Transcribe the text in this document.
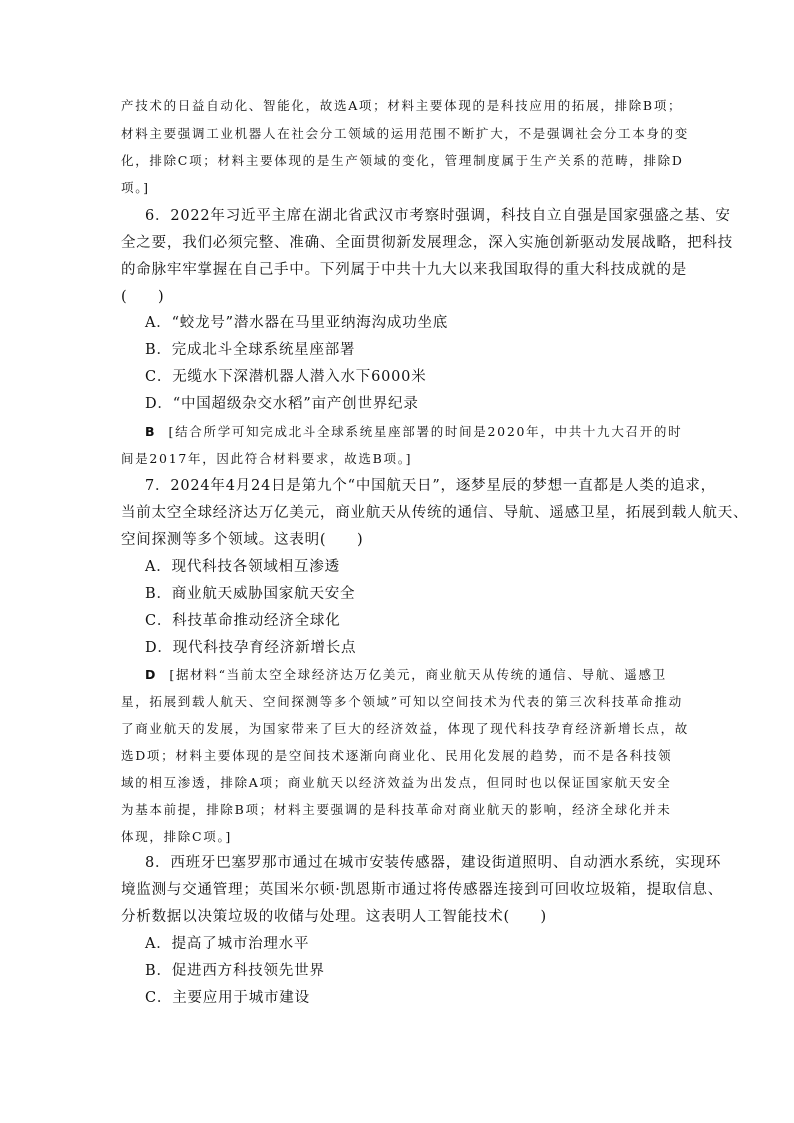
产技术的日益自动化、智能化，故选A项；材料主要体现的是科技应用的拓展，排除B项；

材料主要强调工业机器人在社会分工领域的运用范围不断扩大，不是强调社会分工本身的变

化，排除C项；材料主要体现的是生产领域的变化，管理制度属于生产关系的范畴，排除D

项。]

6．2022年习近平主席在湖北省武汉市考察时强调，科技自立自强是国家强盛之基、安

全之要，我们必须完整、准确、全面贯彻新发展理念，深入实施创新驱动发展战略，把科技

的命脉牢牢掌握在自己手中。下列属于中共十九大以来我国取得的重大科技成就的是

(　　)

A．“蛟龙号”潜水器在马里亚纳海沟成功坐底

B．完成北斗全球系统星座部署

C．无缆水下深潜机器人潜入水下6000米

D．“中国超级杂交水稻”亩产创世界纪录

B [结合所学可知完成北斗全球系统星座部署的时间是2020年，中共十九大召开的时

间是2017年，因此符合材料要求，故选B项。]

7．2024年4月24日是第九个“中国航天日”，逐梦星辰的梦想一直都是人类的追求，

当前太空全球经济达万亿美元，商业航天从传统的通信、导航、遥感卫星，拓展到载人航天、

空间探测等多个领域。这表明(　　)

A．现代科技各领域相互渗透

B．商业航天威胁国家航天安全

C．科技革命推动经济全球化

D．现代科技孕育经济新增长点

D [据材料“当前太空全球经济达万亿美元，商业航天从传统的通信、导航、遥感卫

星，拓展到载人航天、空间探测等多个领域”可知以空间技术为代表的第三次科技革命推动

了商业航天的发展，为国家带来了巨大的经济效益，体现了现代科技孕育经济新增长点，故

选D项；材料主要体现的是空间技术逐渐向商业化、民用化发展的趋势，而不是各科技领

域的相互渗透，排除A项；商业航天以经济效益为出发点，但同时也以保证国家航天安全

为基本前提，排除B项；材料主要强调的是科技革命对商业航天的影响，经济全球化并未

体现，排除C项。]

8．西班牙巴塞罗那市通过在城市安装传感器，建设街道照明、自动洒水系统，实现环

境监测与交通管理；英国米尔顿·凯恩斯市通过将传感器连接到可回收垃圾箱，提取信息、

分析数据以决策垃圾的收储与处理。这表明人工智能技术(　　)

A．提高了城市治理水平

B．促进西方科技领先世界

C．主要应用于城市建设
